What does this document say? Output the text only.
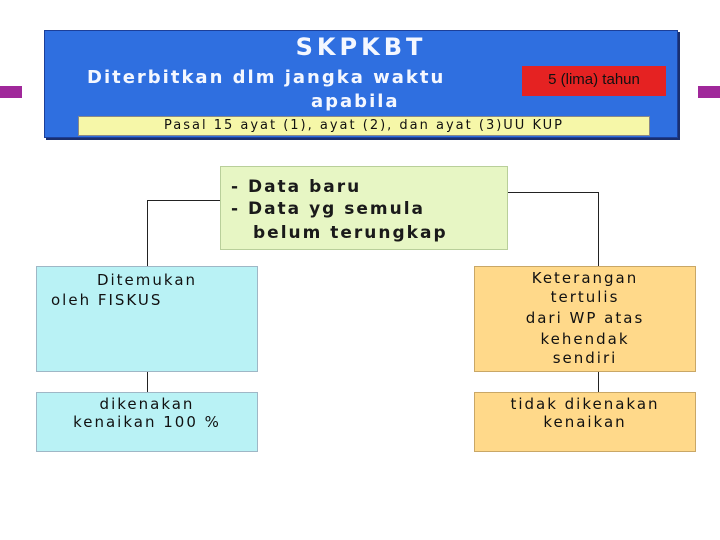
SKPKBT
Diterbitkan dlm jangka waktu
apabila
5 (lima) tahun
Pasal 15 ayat (1), ayat (2), dan ayat (3)UU KUP
- Data baru
- Data yg semula
belum terungkap
Ditemukan
oleh FISKUS
dikenakan
kenaikan 100 %
Keterangan
tertulis
dari WP atas
kehendak
sendiri
tidak dikenakan
kenaikan
